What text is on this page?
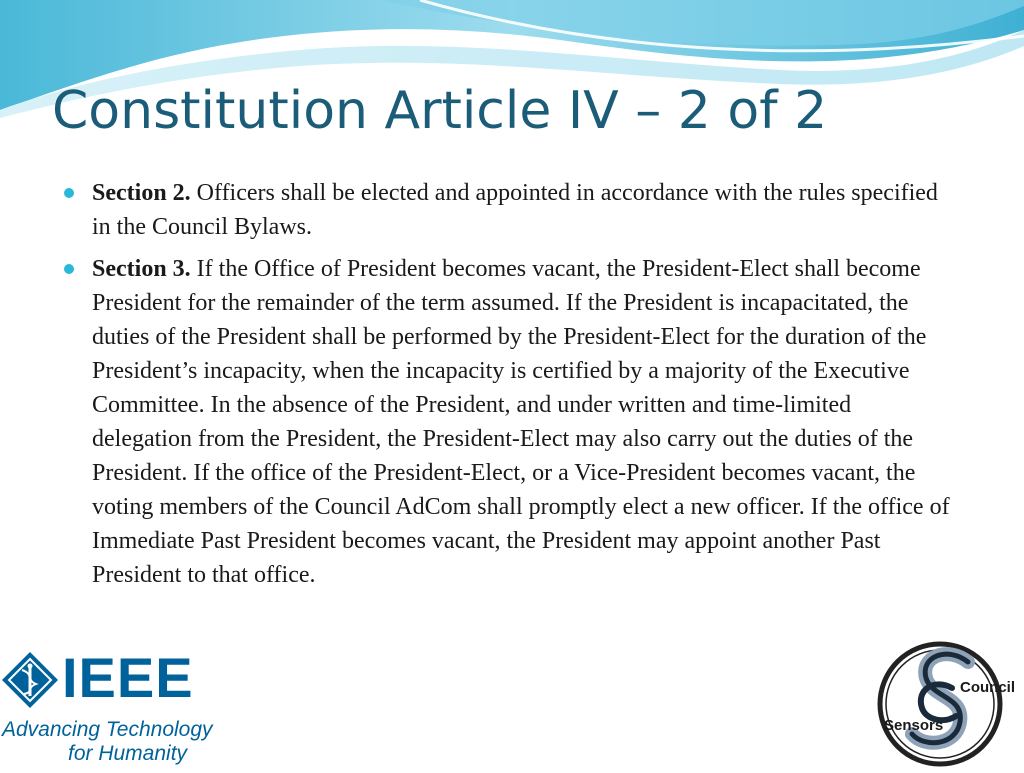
Constitution Article IV – 2 of 2
Section 2. Officers shall be elected and appointed in accordance with the rules specified in the Council Bylaws.
Section 3. If the Office of President becomes vacant, the President-Elect shall become President for the remainder of the term assumed. If the President is incapacitated, the duties of the President shall be performed by the President-Elect for the duration of the President’s incapacity, when the incapacity is certified by a majority of the Executive Committee. In the absence of the President, and under written and time-limited delegation from the President, the President-Elect may also carry out the duties of the President. If the office of the President-Elect, or a Vice-President becomes vacant, the voting members of the Council AdCom shall promptly elect a new officer. If the office of Immediate Past President becomes vacant, the President may appoint another Past President to that office.
IEEE
Advancing Technology
for Humanity
Council
Sensors
